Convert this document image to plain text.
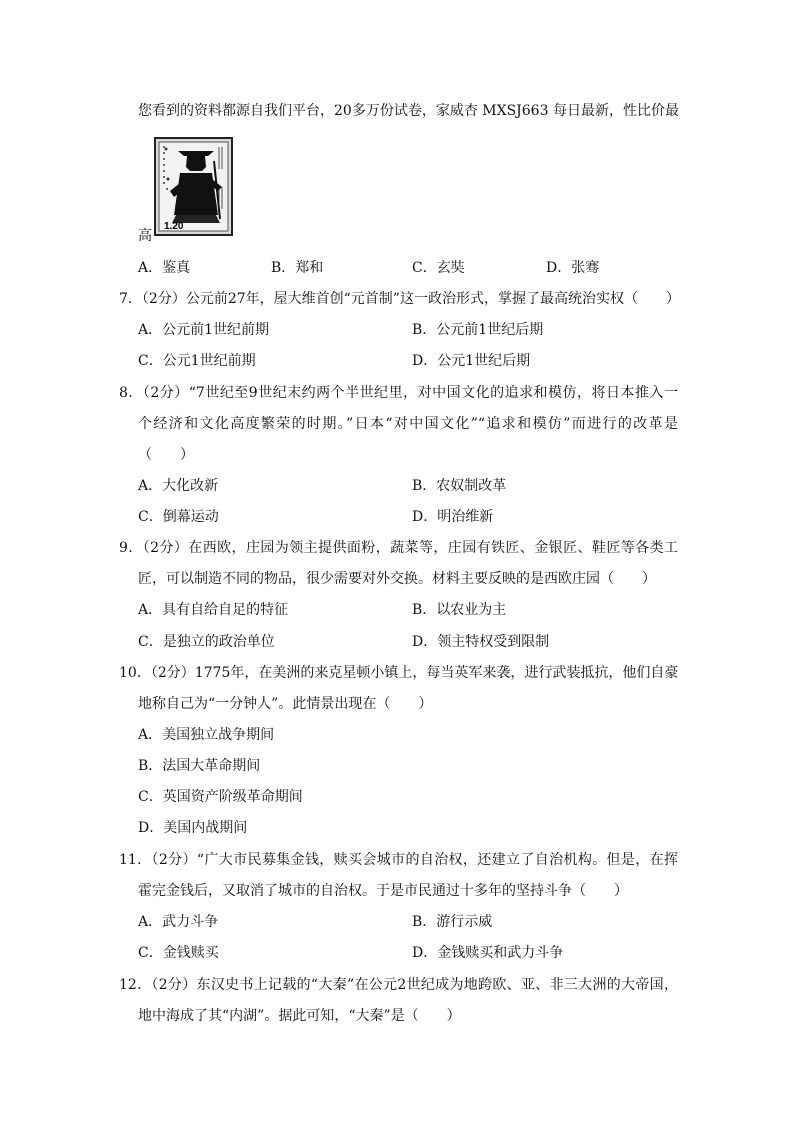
您看到的资料都源自我们平台，20多万份试卷，家威杏 MXSJ663 每日最新，性比价最
1.20
高
A．鉴真	B．郑和	C．玄奘	D．张骞
7．（2分）公元前27年，屋大维首创“元首制”这一政治形式，掌握了最高统治实权（　　）
A．公元前1世纪前期	B．公元前1世纪后期
C．公元1世纪前期	D．公元1世纪后期
8．（2分）“7世纪至9世纪末约两个半世纪里，对中国文化的追求和模仿，将日本推入一
个经济和文化高度繁荣的时期。”日本“对中国文化”“追求和模仿”而进行的改革是
（　　）
A．大化改新	B．农奴制改革
C．倒幕运动	D．明治维新
9．（2分）在西欧，庄园为领主提供面粉，蔬菜等，庄园有铁匠、金银匠、鞋匠等各类工
匠，可以制造不同的物品，很少需要对外交换。材料主要反映的是西欧庄园（　　）
A．具有自给自足的特征	B．以农业为主
C．是独立的政治单位	D．领主特权受到限制
10．（2分）1775年，在美洲的来克星顿小镇上，每当英军来袭，进行武装抵抗，他们自豪
地称自己为“一分钟人”。此情景出现在（　　）
A．美国独立战争期间
B．法国大革命期间
C．英国资产阶级革命期间
D．美国内战期间
11．（2分）“广大市民募集金钱，赎买会城市的自治权，还建立了自治机构。但是，在挥
霍完金钱后，又取消了城市的自治权。于是市民通过十多年的坚持斗争（　　）
A．武力斗争	B．游行示威
C．金钱赎买	D．金钱赎买和武力斗争
12．（2分）东汉史书上记载的“大秦”在公元2世纪成为地跨欧、亚、非三大洲的大帝国，
地中海成了其“内湖”。据此可知，“大秦”是（　　）
